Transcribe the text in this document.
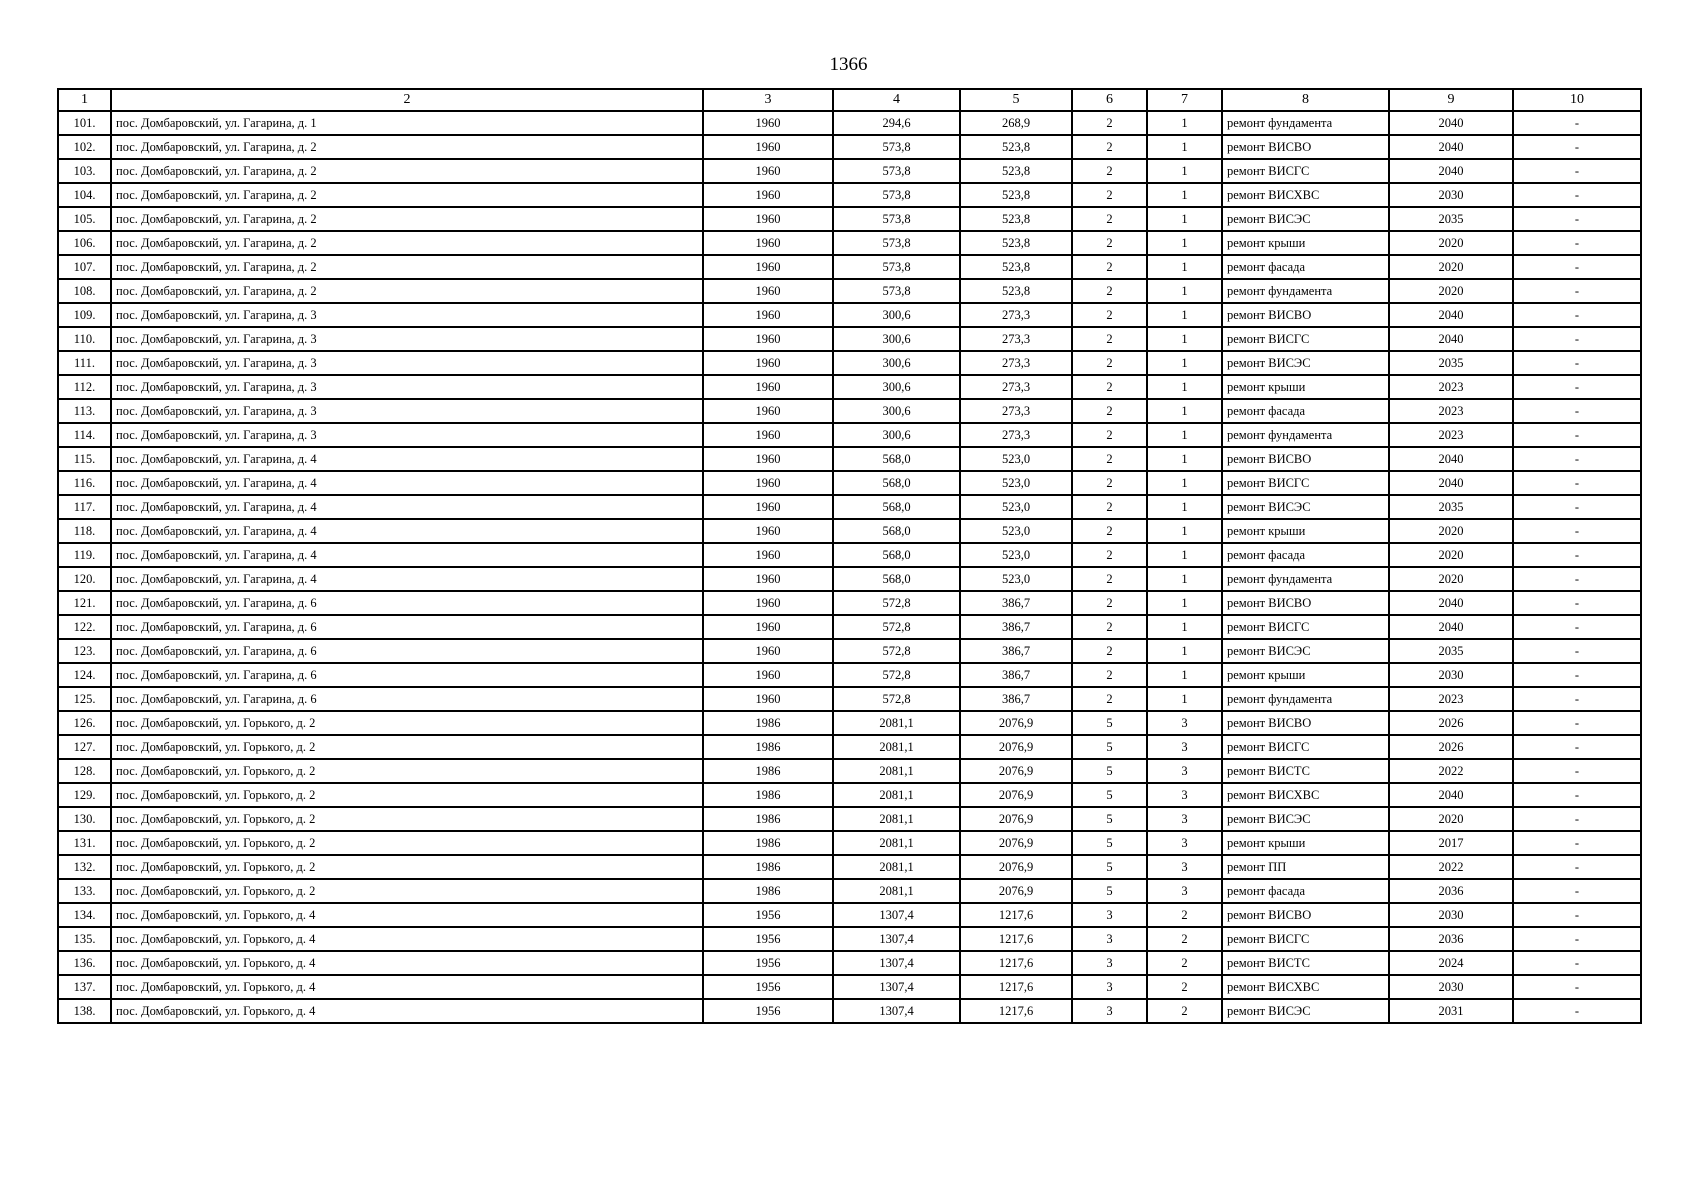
1366
1	2	3	4	5	6	7	8	9	10
101.	пос. Домбаровский, ул. Гагарина, д. 1	1960	294,6	268,9	2	1	ремонт фундамента	2040	-
102.	пос. Домбаровский, ул. Гагарина, д. 2	1960	573,8	523,8	2	1	ремонт ВИСВО	2040	-
103.	пос. Домбаровский, ул. Гагарина, д. 2	1960	573,8	523,8	2	1	ремонт ВИСГС	2040	-
104.	пос. Домбаровский, ул. Гагарина, д. 2	1960	573,8	523,8	2	1	ремонт ВИСХВС	2030	-
105.	пос. Домбаровский, ул. Гагарина, д. 2	1960	573,8	523,8	2	1	ремонт ВИСЭС	2035	-
106.	пос. Домбаровский, ул. Гагарина, д. 2	1960	573,8	523,8	2	1	ремонт крыши	2020	-
107.	пос. Домбаровский, ул. Гагарина, д. 2	1960	573,8	523,8	2	1	ремонт фасада	2020	-
108.	пос. Домбаровский, ул. Гагарина, д. 2	1960	573,8	523,8	2	1	ремонт фундамента	2020	-
109.	пос. Домбаровский, ул. Гагарина, д. 3	1960	300,6	273,3	2	1	ремонт ВИСВО	2040	-
110.	пос. Домбаровский, ул. Гагарина, д. 3	1960	300,6	273,3	2	1	ремонт ВИСГС	2040	-
111.	пос. Домбаровский, ул. Гагарина, д. 3	1960	300,6	273,3	2	1	ремонт ВИСЭС	2035	-
112.	пос. Домбаровский, ул. Гагарина, д. 3	1960	300,6	273,3	2	1	ремонт крыши	2023	-
113.	пос. Домбаровский, ул. Гагарина, д. 3	1960	300,6	273,3	2	1	ремонт фасада	2023	-
114.	пос. Домбаровский, ул. Гагарина, д. 3	1960	300,6	273,3	2	1	ремонт фундамента	2023	-
115.	пос. Домбаровский, ул. Гагарина, д. 4	1960	568,0	523,0	2	1	ремонт ВИСВО	2040	-
116.	пос. Домбаровский, ул. Гагарина, д. 4	1960	568,0	523,0	2	1	ремонт ВИСГС	2040	-
117.	пос. Домбаровский, ул. Гагарина, д. 4	1960	568,0	523,0	2	1	ремонт ВИСЭС	2035	-
118.	пос. Домбаровский, ул. Гагарина, д. 4	1960	568,0	523,0	2	1	ремонт крыши	2020	-
119.	пос. Домбаровский, ул. Гагарина, д. 4	1960	568,0	523,0	2	1	ремонт фасада	2020	-
120.	пос. Домбаровский, ул. Гагарина, д. 4	1960	568,0	523,0	2	1	ремонт фундамента	2020	-
121.	пос. Домбаровский, ул. Гагарина, д. 6	1960	572,8	386,7	2	1	ремонт ВИСВО	2040	-
122.	пос. Домбаровский, ул. Гагарина, д. 6	1960	572,8	386,7	2	1	ремонт ВИСГС	2040	-
123.	пос. Домбаровский, ул. Гагарина, д. 6	1960	572,8	386,7	2	1	ремонт ВИСЭС	2035	-
124.	пос. Домбаровский, ул. Гагарина, д. 6	1960	572,8	386,7	2	1	ремонт крыши	2030	-
125.	пос. Домбаровский, ул. Гагарина, д. 6	1960	572,8	386,7	2	1	ремонт фундамента	2023	-
126.	пос. Домбаровский, ул. Горького, д. 2	1986	2081,1	2076,9	5	3	ремонт ВИСВО	2026	-
127.	пос. Домбаровский, ул. Горького, д. 2	1986	2081,1	2076,9	5	3	ремонт ВИСГС	2026	-
128.	пос. Домбаровский, ул. Горького, д. 2	1986	2081,1	2076,9	5	3	ремонт ВИСТС	2022	-
129.	пос. Домбаровский, ул. Горького, д. 2	1986	2081,1	2076,9	5	3	ремонт ВИСХВС	2040	-
130.	пос. Домбаровский, ул. Горького, д. 2	1986	2081,1	2076,9	5	3	ремонт ВИСЭС	2020	-
131.	пос. Домбаровский, ул. Горького, д. 2	1986	2081,1	2076,9	5	3	ремонт крыши	2017	-
132.	пос. Домбаровский, ул. Горького, д. 2	1986	2081,1	2076,9	5	3	ремонт ПП	2022	-
133.	пос. Домбаровский, ул. Горького, д. 2	1986	2081,1	2076,9	5	3	ремонт фасада	2036	-
134.	пос. Домбаровский, ул. Горького, д. 4	1956	1307,4	1217,6	3	2	ремонт ВИСВО	2030	-
135.	пос. Домбаровский, ул. Горького, д. 4	1956	1307,4	1217,6	3	2	ремонт ВИСГС	2036	-
136.	пос. Домбаровский, ул. Горького, д. 4	1956	1307,4	1217,6	3	2	ремонт ВИСТС	2024	-
137.	пос. Домбаровский, ул. Горького, д. 4	1956	1307,4	1217,6	3	2	ремонт ВИСХВС	2030	-
138.	пос. Домбаровский, ул. Горького, д. 4	1956	1307,4	1217,6	3	2	ремонт ВИСЭС	2031	-
